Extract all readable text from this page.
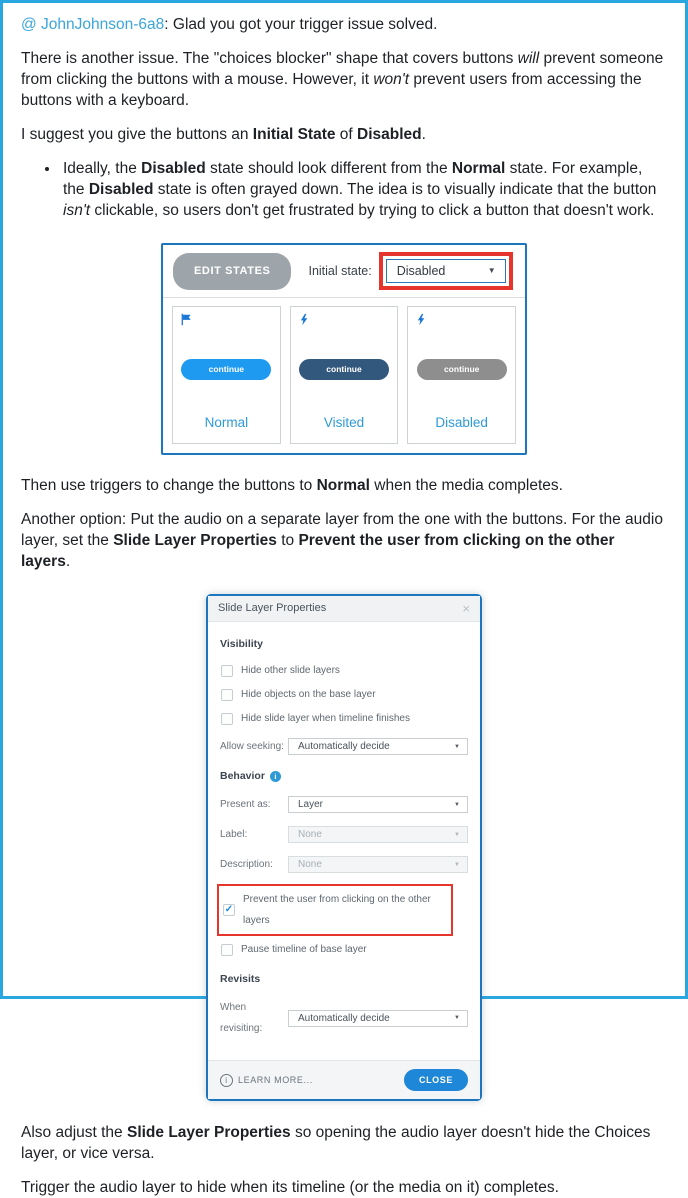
@ JohnJohnson-6a8: Glad you got your trigger issue solved.

There is another issue. The "choices blocker" shape that covers buttons will prevent someone from clicking the buttons with a mouse. However, it won't prevent users from accessing the buttons with a keyboard.

I suggest you give the buttons an Initial State of Disabled.

• Ideally, the Disabled state should look different from the Normal state. For example, the Disabled state is often grayed down. The idea is to visually indicate that the button isn't clickable, so users don't get frustrated by trying to click a button that doesn't work.
EDIT STATES	Initial state: Disabled	▼
continue
Normal
continue
Visited
continue
Disabled

Then use triggers to change the buttons to Normal when the media completes.

Another option: Put the audio on a separate layer from the one with the buttons. For the audio layer, set the Slide Layer Properties to Prevent the user from clicking on the other layers.

Slide Layer Properties	×
Visibility
Hide other slide layers
Hide objects on the base layer
Hide slide layer when timeline finishes
Allow seeking:	Automatically decide	▼
Behavior	i
Present as:	Layer	▼
Label:	None	▼
Description:	None	▼
✓
Prevent the user from clicking on the other layers
Pause timeline of base layer
Revisits
When revisiting:
Automatically decide	▼
i	LEARN MORE...	CLOSE

Also adjust the Slide Layer Properties so opening the audio layer doesn't hide the Choices layer, or vice versa.

Trigger the audio layer to hide when its timeline (or the media on it) completes.
